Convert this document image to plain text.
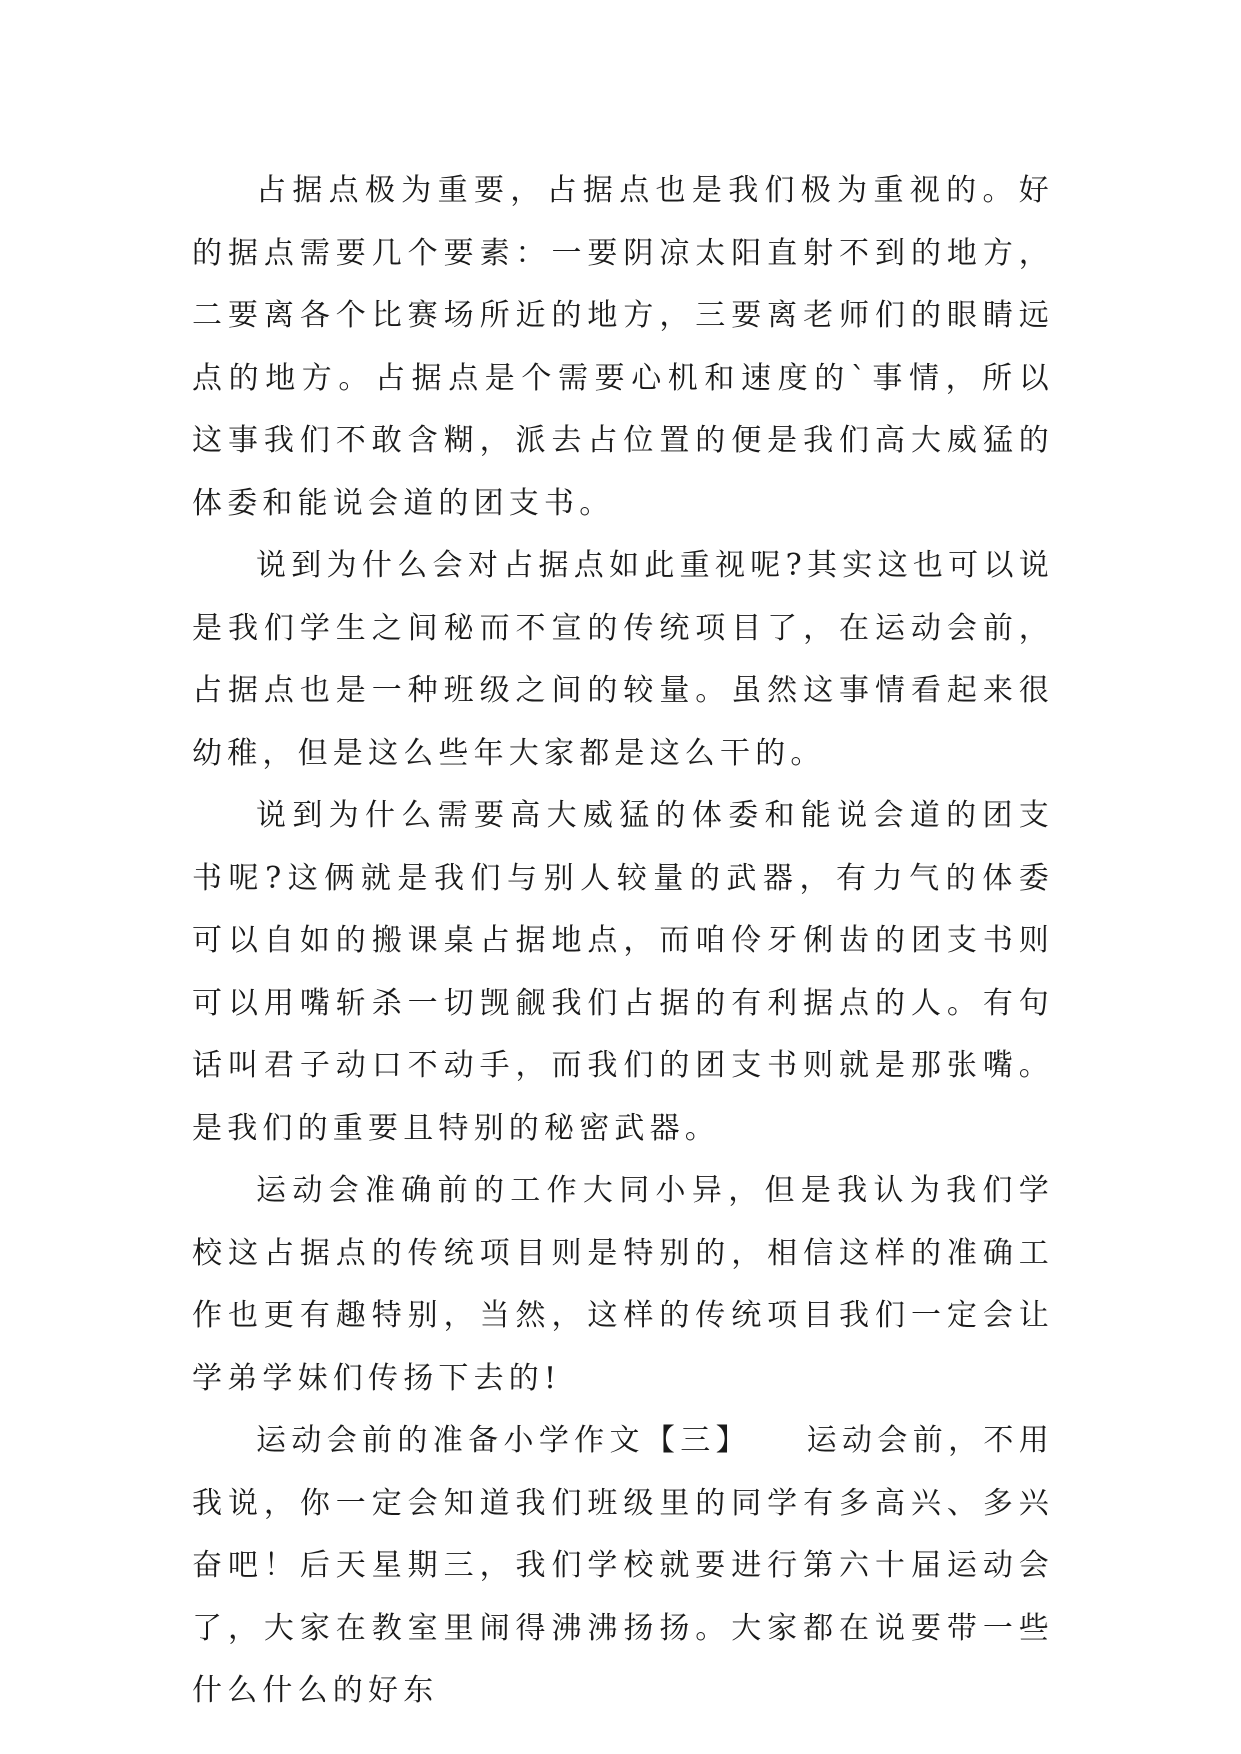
占据点极为重要，占据点也是我们极为重视的。好的据点需要几个要素：一要阴凉太阳直射不到的地方，二要离各个比赛场所近的地方，三要离老师们的眼睛远点的地方。占据点是个需要心机和速度的`事情，所以这事我们不敢含糊，派去占位置的便是我们高大威猛的体委和能说会道的团支书。

说到为什么会对占据点如此重视呢?其实这也可以说是我们学生之间秘而不宣的传统项目了，在运动会前，占据点也是一种班级之间的较量。虽然这事情看起来很幼稚，但是这么些年大家都是这么干的。

说到为什么需要高大威猛的体委和能说会道的团支书呢?这俩就是我们与别人较量的武器，有力气的体委可以自如的搬课桌占据地点，而咱伶牙俐齿的团支书则可以用嘴斩杀一切觊觎我们占据的有利据点的人。有句话叫君子动口不动手，而我们的团支书则就是那张嘴。是我们的重要且特别的秘密武器。

运动会准确前的工作大同小异，但是我认为我们学校这占据点的传统项目则是特别的，相信这样的准确工作也更有趣特别，当然，这样的传统项目我们一定会让学弟学妹们传扬下去的!

运动会前的准备小学作文【三】　　运动会前，不用我说，你一定会知道我们班级里的同学有多高兴、多兴奋吧！后天星期三，我们学校就要进行第六十届运动会了，大家在教室里闹得沸沸扬扬。大家都在说要带一些什么什么的好东
